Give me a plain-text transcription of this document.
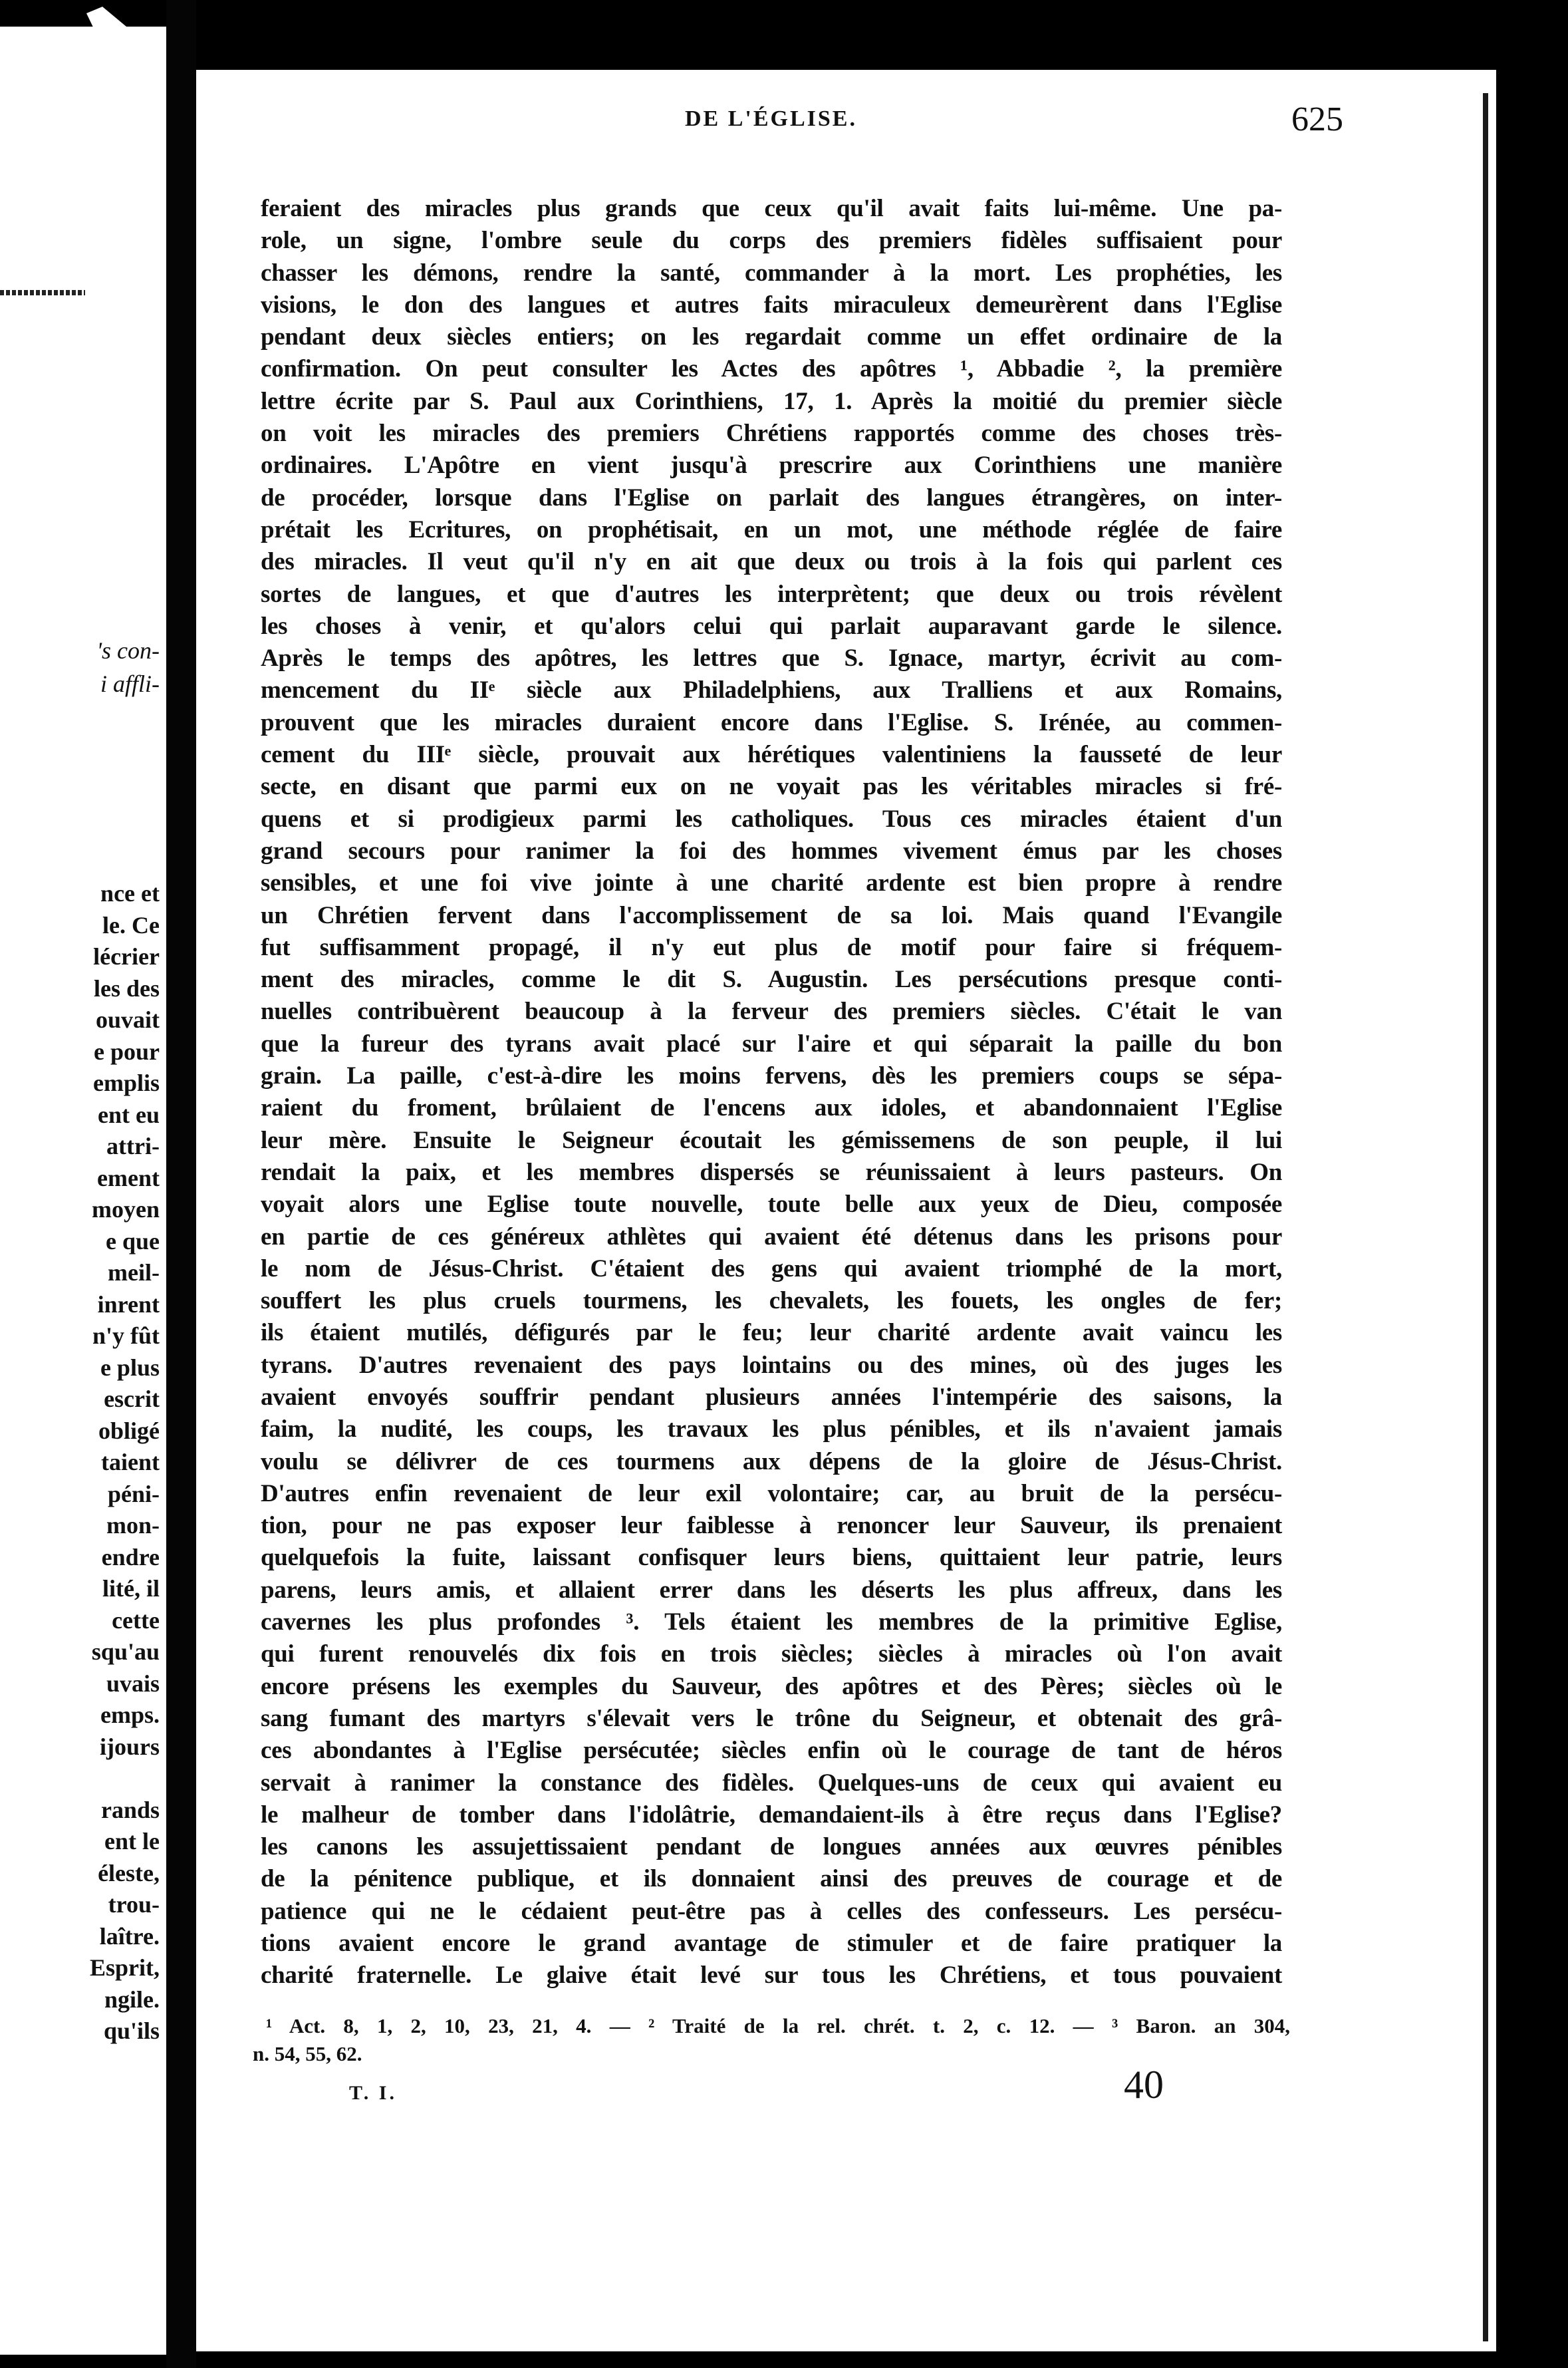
's con-
i affli-
nce et
le. Ce
lécrier
les des
ouvait
e pour
emplis
ent eu
attri-
ement
moyen
e que
meil-
inrent
n'y fût
e plus
escrit
obligé
taient
péni-
mon-
endre
lité, il
cette
squ'au
uvais
emps.
ijours
rands
ent le
éleste,
trou-
laître.
Esprit,
ngile.
qu'ils
DE L'ÉGLISE.	625
feraient des miracles plus grands que ceux qu'il avait faits lui-même. Une pa-
role, un signe, l'ombre seule du corps des premiers fidèles suffisaient pour
chasser les démons, rendre la santé, commander à la mort. Les prophéties, les
visions, le don des langues et autres faits miraculeux demeurèrent dans l'Eglise
pendant deux siècles entiers; on les regardait comme un effet ordinaire de la
confirmation. On peut consulter les Actes des apôtres ¹, Abbadie ², la première
lettre écrite par S. Paul aux Corinthiens, 17, 1. Après la moitié du premier siècle
on voit les miracles des premiers Chrétiens rapportés comme des choses très-
ordinaires. L'Apôtre en vient jusqu'à prescrire aux Corinthiens une manière
de procéder, lorsque dans l'Eglise on parlait des langues étrangères, on inter-
prétait les Ecritures, on prophétisait, en un mot, une méthode réglée de faire
des miracles. Il veut qu'il n'y en ait que deux ou trois à la fois qui parlent ces
sortes de langues, et que d'autres les interprètent; que deux ou trois révèlent
les choses à venir, et qu'alors celui qui parlait auparavant garde le silence.
Après le temps des apôtres, les lettres que S. Ignace, martyr, écrivit au com-
mencement du IIᵉ siècle aux Philadelphiens, aux Tralliens et aux Romains,
prouvent que les miracles duraient encore dans l'Eglise. S. Irénée, au commen-
cement du IIIᵉ siècle, prouvait aux hérétiques valentiniens la fausseté de leur
secte, en disant que parmi eux on ne voyait pas les véritables miracles si fré-
quens et si prodigieux parmi les catholiques. Tous ces miracles étaient d'un
grand secours pour ranimer la foi des hommes vivement émus par les choses
sensibles, et une foi vive jointe à une charité ardente est bien propre à rendre
un Chrétien fervent dans l'accomplissement de sa loi. Mais quand l'Evangile
fut suffisamment propagé, il n'y eut plus de motif pour faire si fréquem-
ment des miracles, comme le dit S. Augustin. Les persécutions presque conti-
nuelles contribuèrent beaucoup à la ferveur des premiers siècles. C'était le van
que la fureur des tyrans avait placé sur l'aire et qui séparait la paille du bon
grain. La paille, c'est-à-dire les moins fervens, dès les premiers coups se sépa-
raient du froment, brûlaient de l'encens aux idoles, et abandonnaient l'Eglise
leur mère. Ensuite le Seigneur écoutait les gémissemens de son peuple, il lui
rendait la paix, et les membres dispersés se réunissaient à leurs pasteurs. On
voyait alors une Eglise toute nouvelle, toute belle aux yeux de Dieu, composée
en partie de ces généreux athlètes qui avaient été détenus dans les prisons pour
le nom de Jésus-Christ. C'étaient des gens qui avaient triomphé de la mort,
souffert les plus cruels tourmens, les chevalets, les fouets, les ongles de fer;
ils étaient mutilés, défigurés par le feu; leur charité ardente avait vaincu les
tyrans. D'autres revenaient des pays lointains ou des mines, où des juges les
avaient envoyés souffrir pendant plusieurs années l'intempérie des saisons, la
faim, la nudité, les coups, les travaux les plus pénibles, et ils n'avaient jamais
voulu se délivrer de ces tourmens aux dépens de la gloire de Jésus-Christ.
D'autres enfin revenaient de leur exil volontaire; car, au bruit de la persécu-
tion, pour ne pas exposer leur faiblesse à renoncer leur Sauveur, ils prenaient
quelquefois la fuite, laissant confisquer leurs biens, quittaient leur patrie, leurs
parens, leurs amis, et allaient errer dans les déserts les plus affreux, dans les
cavernes les plus profondes ³. Tels étaient les membres de la primitive Eglise,
qui furent renouvelés dix fois en trois siècles; siècles à miracles où l'on avait
encore présens les exemples du Sauveur, des apôtres et des Pères; siècles où le
sang fumant des martyrs s'élevait vers le trône du Seigneur, et obtenait des grâ-
ces abondantes à l'Eglise persécutée; siècles enfin où le courage de tant de héros
servait à ranimer la constance des fidèles. Quelques-uns de ceux qui avaient eu
le malheur de tomber dans l'idolâtrie, demandaient-ils à être reçus dans l'Eglise?
les canons les assujettissaient pendant de longues années aux œuvres pénibles
de la pénitence publique, et ils donnaient ainsi des preuves de courage et de
patience qui ne le cédaient peut-être pas à celles des confesseurs. Les persécu-
tions avaient encore le grand avantage de stimuler et de faire pratiquer la
charité fraternelle. Le glaive était levé sur tous les Chrétiens, et tous pouvaient
¹ Act. 8, 1, 2, 10, 23, 21, 4. — ² Traité de la rel. chrét. t. 2, c. 12. — ³ Baron. an 304,
n. 54, 55, 62.
T. I.	40
